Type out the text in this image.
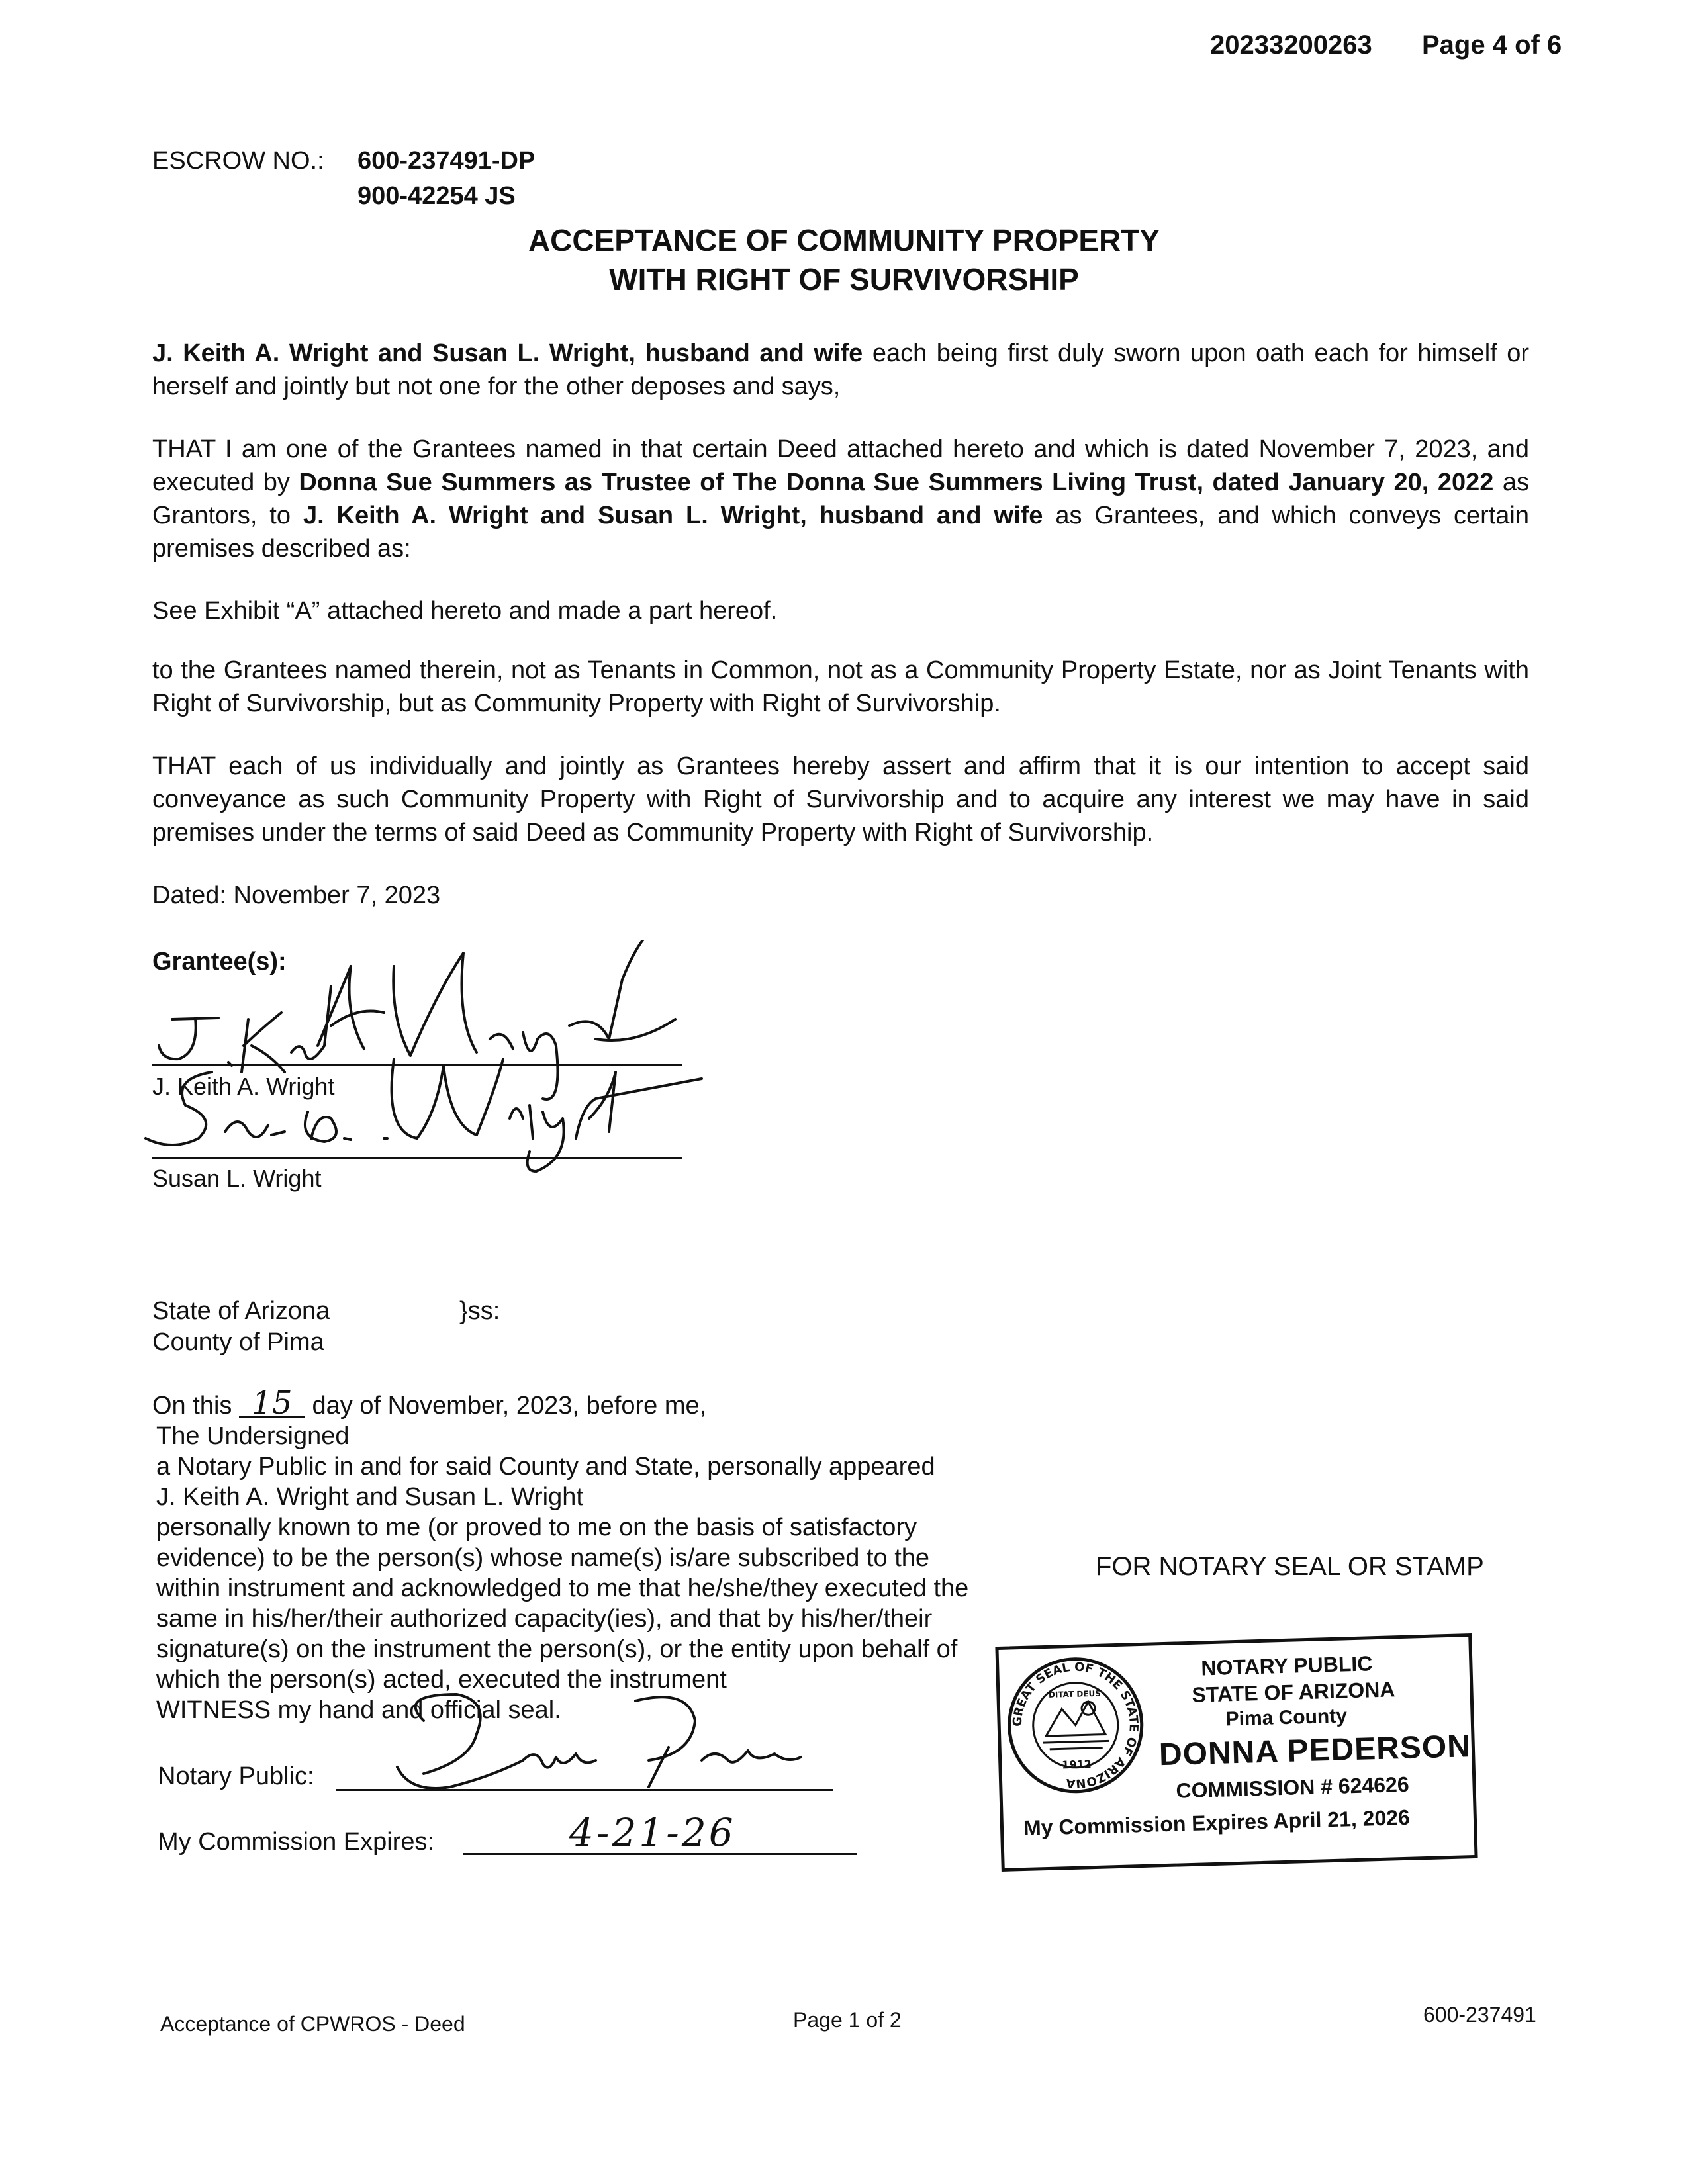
20233200263 Page 4 of 6
ESCROW NO.: 600-237491-DP
900-42254 JS
ACCEPTANCE OF COMMUNITY PROPERTY
WITH RIGHT OF SURVIVORSHIP
J. Keith A. Wright and Susan L. Wright, husband and wife each being first duly sworn upon oath each for himself or herself and jointly but not one for the other deposes and says,
THAT I am one of the Grantees named in that certain Deed attached hereto and which is dated November 7, 2023, and executed by Donna Sue Summers as Trustee of The Donna Sue Summers Living Trust, dated January 20, 2022 as Grantors, to J. Keith A. Wright and Susan L. Wright, husband and wife as Grantees, and which conveys certain premises described as:
See Exhibit “A” attached hereto and made a part hereof.
to the Grantees named therein, not as Tenants in Common, not as a Community Property Estate, nor as Joint Tenants with Right of Survivorship, but as Community Property with Right of Survivorship.
THAT each of us individually and jointly as Grantees hereby assert and affirm that it is our intention to accept said conveyance as such Community Property with Right of Survivorship and to acquire any interest we may have in said premises under the terms of said Deed as Community Property with Right of Survivorship.
Dated: November 7, 2023
Grantee(s):
J. Keith A. Wright
Susan L. Wright
State of Arizona	}ss:
County of Pima
On this 15 day of November, 2023, before me,
The Undersigned
a Notary Public in and for said County and State, personally appeared
J. Keith A. Wright and Susan L. Wright
personally known to me (or proved to me on the basis of satisfactory
evidence) to be the person(s) whose name(s) is/are subscribed to the
within instrument and acknowledged to me that he/she/they executed the
same in his/her/their authorized capacity(ies), and that by his/her/their
signature(s) on the instrument the person(s), or the entity upon behalf of
which the person(s) acted, executed the instrument
WITNESS my hand and official seal.
Notary Public:
My Commission Expires:	4-21-26
FOR NOTARY SEAL OR STAMP
GREAT SEAL OF THE STATE OF ARIZONA
DITAT DEUS
1912
NOTARY PUBLIC
STATE OF ARIZONA
Pima County
DONNA PEDERSON
COMMISSION # 624626
My Commission Expires April 21, 2026
Acceptance of CPWROS - Deed	Page 1 of 2	600-237491
